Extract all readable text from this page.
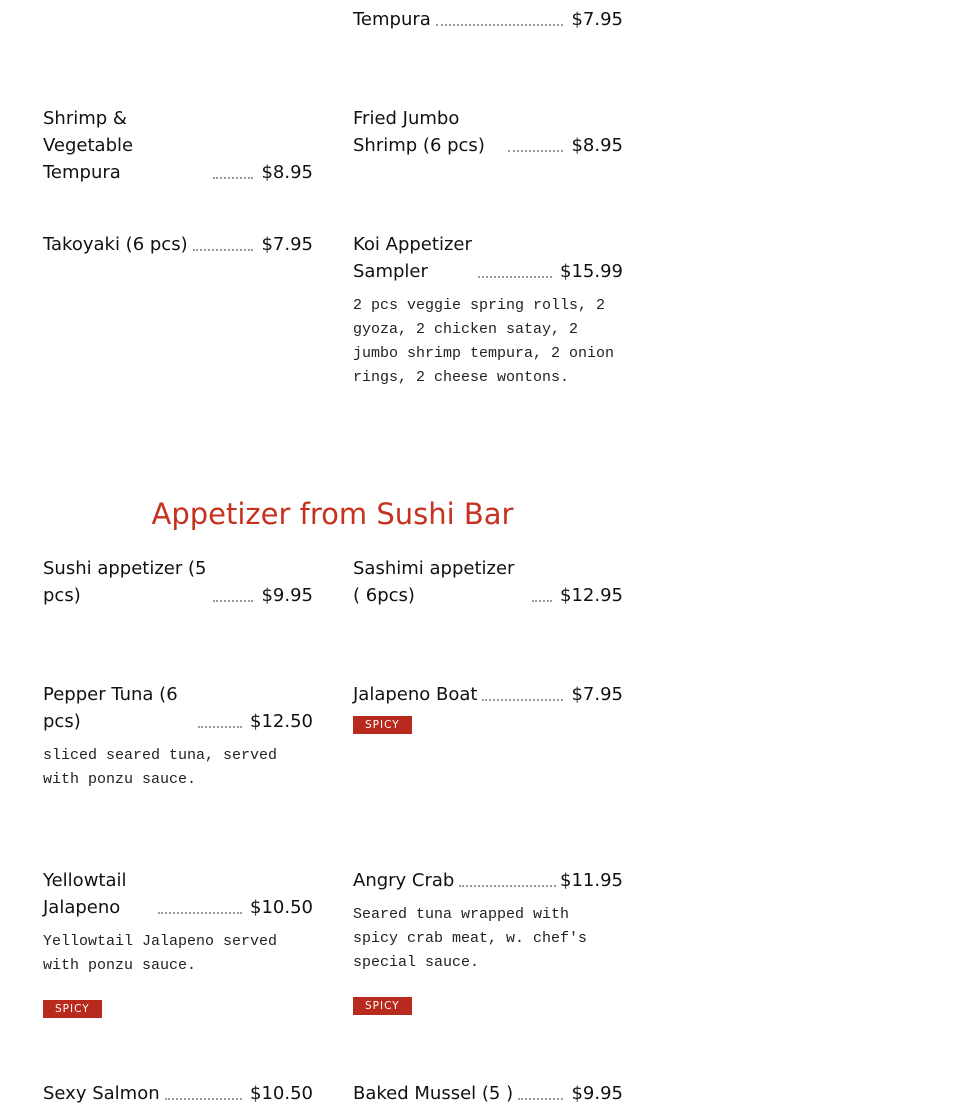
Tempura	$7.95
Shrimp & Vegetable Tempura	$8.95
Fried Jumbo Shrimp (6 pcs)	$8.95
Takoyaki (6 pcs)	$7.95 Koi Appetizer Sampler	$15.99
2 pcs veggie spring rolls, 2 gyoza, 2 chicken satay, 2 jumbo shrimp tempura, 2 onion rings, 2 cheese wontons.
Appetizer from Sushi Bar
Sushi appetizer (5 pcs)	$9.95
Sashimi appetizer ( 6pcs)	$12.95
Pepper Tuna (6 pcs)	$12.50
sliced seared tuna, served with ponzu sauce.
Jalapeno Boat	$7.95
SPICY
Yellowtail Jalapeno	$10.50
Yellowtail Jalapeno served with ponzu sauce.
SPICY
Angry Crab	$11.95
Seared tuna wrapped with spicy crab meat, w. chef's special sauce.
SPICY
Sexy Salmon	$10.50 Baked Mussel (5 )	$9.95
